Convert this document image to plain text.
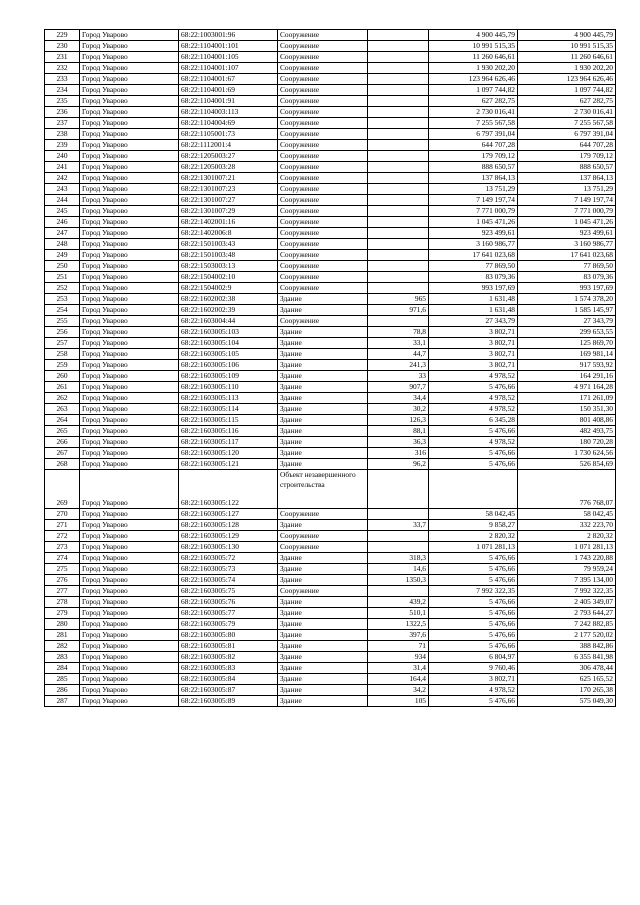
229	Город Уварово	68:22:1003001:96	Сооружение		4 900 445,79	4 900 445,79
230	Город Уварово	68:22:1104001:101	Сооружение		10 991 515,35	10 991 515,35
231	Город Уварово	68:22:1104001:105	Сооружение		11 260 646,61	11 260 646,61
232	Город Уварово	68:22:1104001:107	Сооружение		1 930 202,20	1 930 202,20
233	Город Уварово	68:22:1104001:67	Сооружение		123 964 626,46	123 964 626,46
234	Город Уварово	68:22:1104001:69	Сооружение		1 097 744,82	1 097 744,82
235	Город Уварово	68:22:1104001:91	Сооружение		627 282,75	627 282,75
236	Город Уварово	68:22:1104003:113	Сооружение		2 730 016,41	2 730 016,41
237	Город Уварово	68:22:1104004:69	Сооружение		7 255 567,58	7 255 567,58
238	Город Уварово	68:22:1105001:73	Сооружение		6 797 391,04	6 797 391,04
239	Город Уварово	68:22:1112001:4	Сооружение		644 707,28	644 707,28
240	Город Уварово	68:22:1205003:27	Сооружение		179 709,12	179 709,12
241	Город Уварово	68:22:1205003:28	Сооружение		888 650,57	888 650,57
242	Город Уварово	68:22:1301007:21	Сооружение		137 864,13	137 864,13
243	Город Уварово	68:22:1301007:23	Сооружение		13 751,29	13 751,29
244	Город Уварово	68:22:1301007:27	Сооружение		7 149 197,74	7 149 197,74
245	Город Уварово	68:22:1301007:29	Сооружение		7 771 000,79	7 771 000,79
246	Город Уварово	68:22:1402001:16	Сооружение		1 045 471,26	1 045 471,26
247	Город Уварово	68:22:1402006:8	Сооружение		923 499,61	923 499,61
248	Город Уварово	68:22:1501003:43	Сооружение		3 160 986,77	3 160 986,77
249	Город Уварово	68:22:1501003:48	Сооружение		17 641 023,68	17 641 023,68
250	Город Уварово	68:22:1503003:13	Сооружение		77 869,50	77 869,50
251	Город Уварово	68:22:1504002:10	Сооружение		83 079,36	83 079,36
252	Город Уварово	68:22:1504002:9	Сооружение		993 197,69	993 197,69
253	Город Уварово	68:22:1602002:38	Здание	965	1 631,48	1 574 378,20
254	Город Уварово	68:22:1602002:39	Здание	971,6	1 631,48	1 585 145,97
255	Город Уварово	68:22:1603004:44	Сооружение		27 343,79	27 343,79
256	Город Уварово	68:22:1603005:103	Здание	78,8	3 802,71	299 653,55
257	Город Уварово	68:22:1603005:104	Здание	33,1	3 802,71	125 869,70
258	Город Уварово	68:22:1603005:105	Здание	44,7	3 802,71	169 981,14
259	Город Уварово	68:22:1603005:106	Здание	241,3	3 802,71	917 593,92
260	Город Уварово	68:22:1603005:109	Здание	33	4 978,52	164 291,16
261	Город Уварово	68:22:1603005:110	Здание	907,7	5 476,66	4 971 164,28
262	Город Уварово	68:22:1603005:113	Здание	34,4	4 978,52	171 261,09
263	Город Уварово	68:22:1603005:114	Здание	30,2	4 978,52	150 351,30
264	Город Уварово	68:22:1603005:115	Здание	126,3	6 345,28	801 408,86
265	Город Уварово	68:22:1603005:116	Здание	88,1	5 476,66	482 493,75
266	Город Уварово	68:22:1603005:117	Здание	36,3	4 978,52	180 720,28
267	Город Уварово	68:22:1603005:120	Здание	316	5 476,66	1 730 624,56
268	Город Уварово	68:22:1603005:121	Здание	96,2	5 476,66	526 854,69
269	Город Уварово	68:22:1603005:122	Объект незавершенного строительства			776 768,07
270	Город Уварово	68:22:1603005:127	Сооружение		58 042,45	58 042,45
271	Город Уварово	68:22:1603005:128	Здание	33,7	9 858,27	332 223,70
272	Город Уварово	68:22:1603005:129	Сооружение		2 820,32	2 820,32
273	Город Уварово	68:22:1603005:130	Сооружение		1 071 281,13	1 071 281,13
274	Город Уварово	68:22:1603005:72	Здание	318,3	5 476,66	1 743 220,88
275	Город Уварово	68:22:1603005:73	Здание	14,6	5 476,66	79 959,24
276	Город Уварово	68:22:1603005:74	Здание	1350,3	5 476,66	7 395 134,00
277	Город Уварово	68:22:1603005:75	Сооружение		7 992 322,35	7 992 322,35
278	Город Уварово	68:22:1603005:76	Здание	439,2	5 476,66	2 405 349,07
279	Город Уварово	68:22:1603005:77	Здание	510,1	5 476,66	2 793 644,27
280	Город Уварово	68:22:1603005:79	Здание	1322,5	5 476,66	7 242 882,85
281	Город Уварово	68:22:1603005:80	Здание	397,6	5 476,66	2 177 520,02
282	Город Уварово	68:22:1603005:81	Здание	71	5 476,66	388 842,86
283	Город Уварово	68:22:1603005:82	Здание	934	6 804,97	6 355 841,98
284	Город Уварово	68:22:1603005:83	Здание	31,4	9 760,46	306 478,44
285	Город Уварово	68:22:1603005:84	Здание	164,4	3 802,71	625 165,52
286	Город Уварово	68:22:1603005:87	Здание	34,2	4 978,52	170 265,38
287	Город Уварово	68:22:1603005:89	Здание	105	5 476,66	575 049,30
